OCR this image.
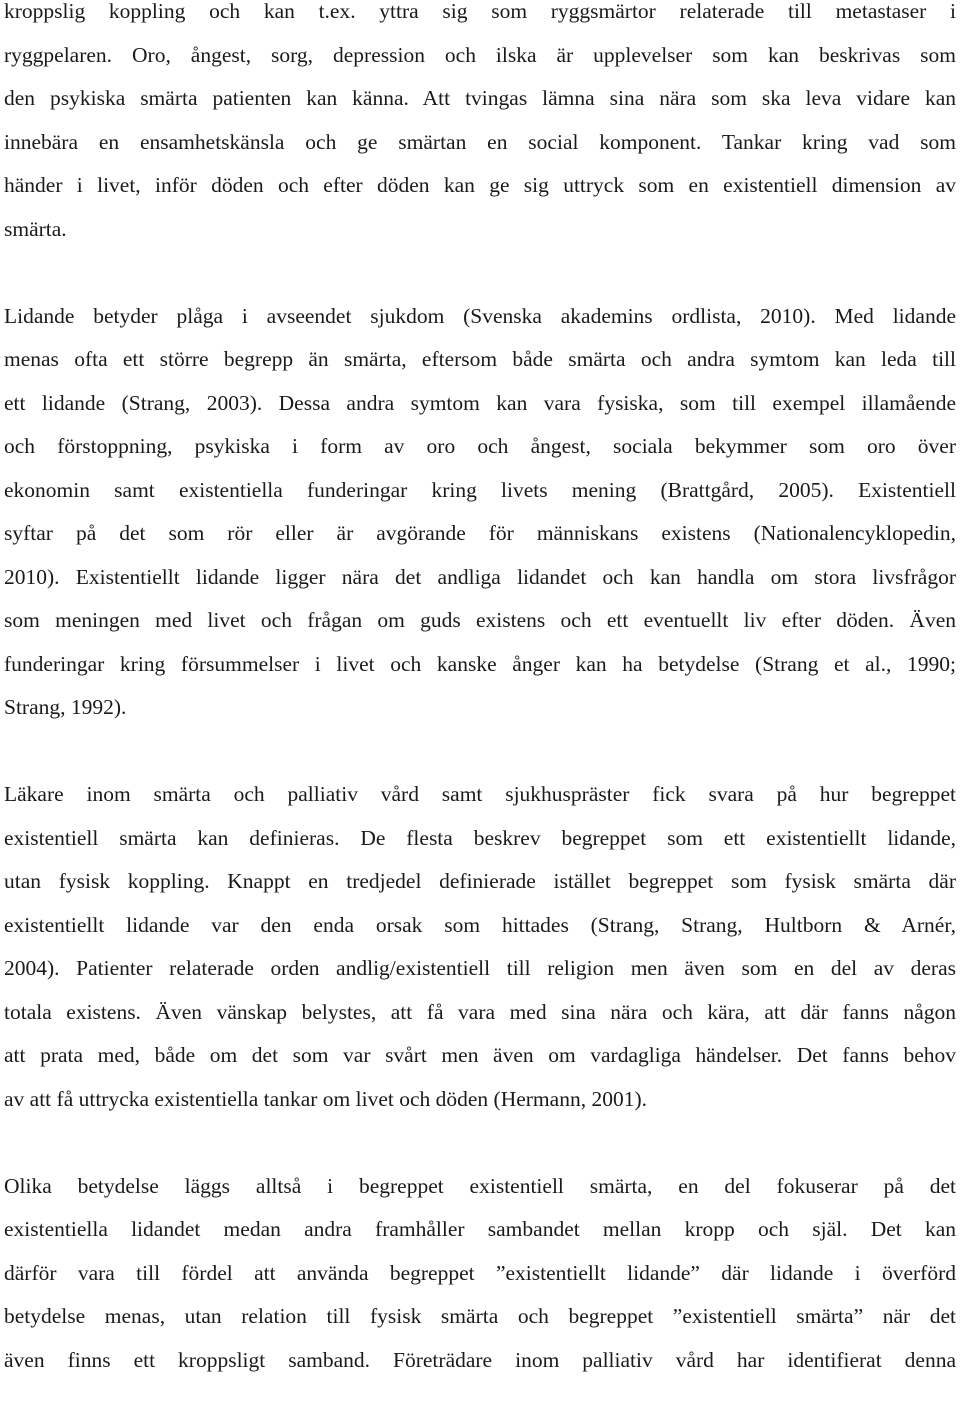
kroppslig koppling och kan t.ex. yttra sig som ryggsmärtor relaterade till metastaser i
ryggpelaren. Oro, ångest, sorg, depression och ilska är upplevelser som kan beskrivas som
den psykiska smärta patienten kan känna. Att tvingas lämna sina nära som ska leva vidare kan
innebära en ensamhetskänsla och ge smärtan en social komponent. Tankar kring vad som
händer i livet, inför döden och efter döden kan ge sig uttryck som en existentiell dimension av
smärta.
Lidande betyder plåga i avseendet sjukdom (Svenska akademins ordlista, 2010). Med lidande
menas ofta ett större begrepp än smärta, eftersom både smärta och andra symtom kan leda till
ett lidande (Strang, 2003). Dessa andra symtom kan vara fysiska, som till exempel illamående
och förstoppning, psykiska i form av oro och ångest, sociala bekymmer som oro över
ekonomin samt existentiella funderingar kring livets mening (Brattgård, 2005). Existentiell
syftar på det som rör eller är avgörande för människans existens (Nationalencyklopedin,
2010). Existentiellt lidande ligger nära det andliga lidandet och kan handla om stora livsfrågor
som meningen med livet och frågan om guds existens och ett eventuellt liv efter döden. Även
funderingar kring försummelser i livet och kanske ånger kan ha betydelse (Strang et al., 1990;
Strang, 1992).
Läkare inom smärta och palliativ vård samt sjukhuspräster fick svara på hur begreppet
existentiell smärta kan definieras. De flesta beskrev begreppet som ett existentiellt lidande,
utan fysisk koppling. Knappt en tredjedel definierade istället begreppet som fysisk smärta där
existentiellt lidande var den enda orsak som hittades (Strang, Strang, Hultborn & Arnér,
2004). Patienter relaterade orden andlig/existentiell till religion men även som en del av deras
totala existens. Även vänskap belystes, att få vara med sina nära och kära, att där fanns någon
att prata med, både om det som var svårt men även om vardagliga händelser. Det fanns behov
av att få uttrycka existentiella tankar om livet och döden (Hermann, 2001).
Olika betydelse läggs alltså i begreppet existentiell smärta, en del fokuserar på det
existentiella lidandet medan andra framhåller sambandet mellan kropp och själ. Det kan
därför vara till fördel att använda begreppet ”existentiellt lidande” där lidande i överförd
betydelse menas, utan relation till fysisk smärta och begreppet ”existentiell smärta” när det
även finns ett kroppsligt samband. Företrädare inom palliativ vård har identifierat denna
